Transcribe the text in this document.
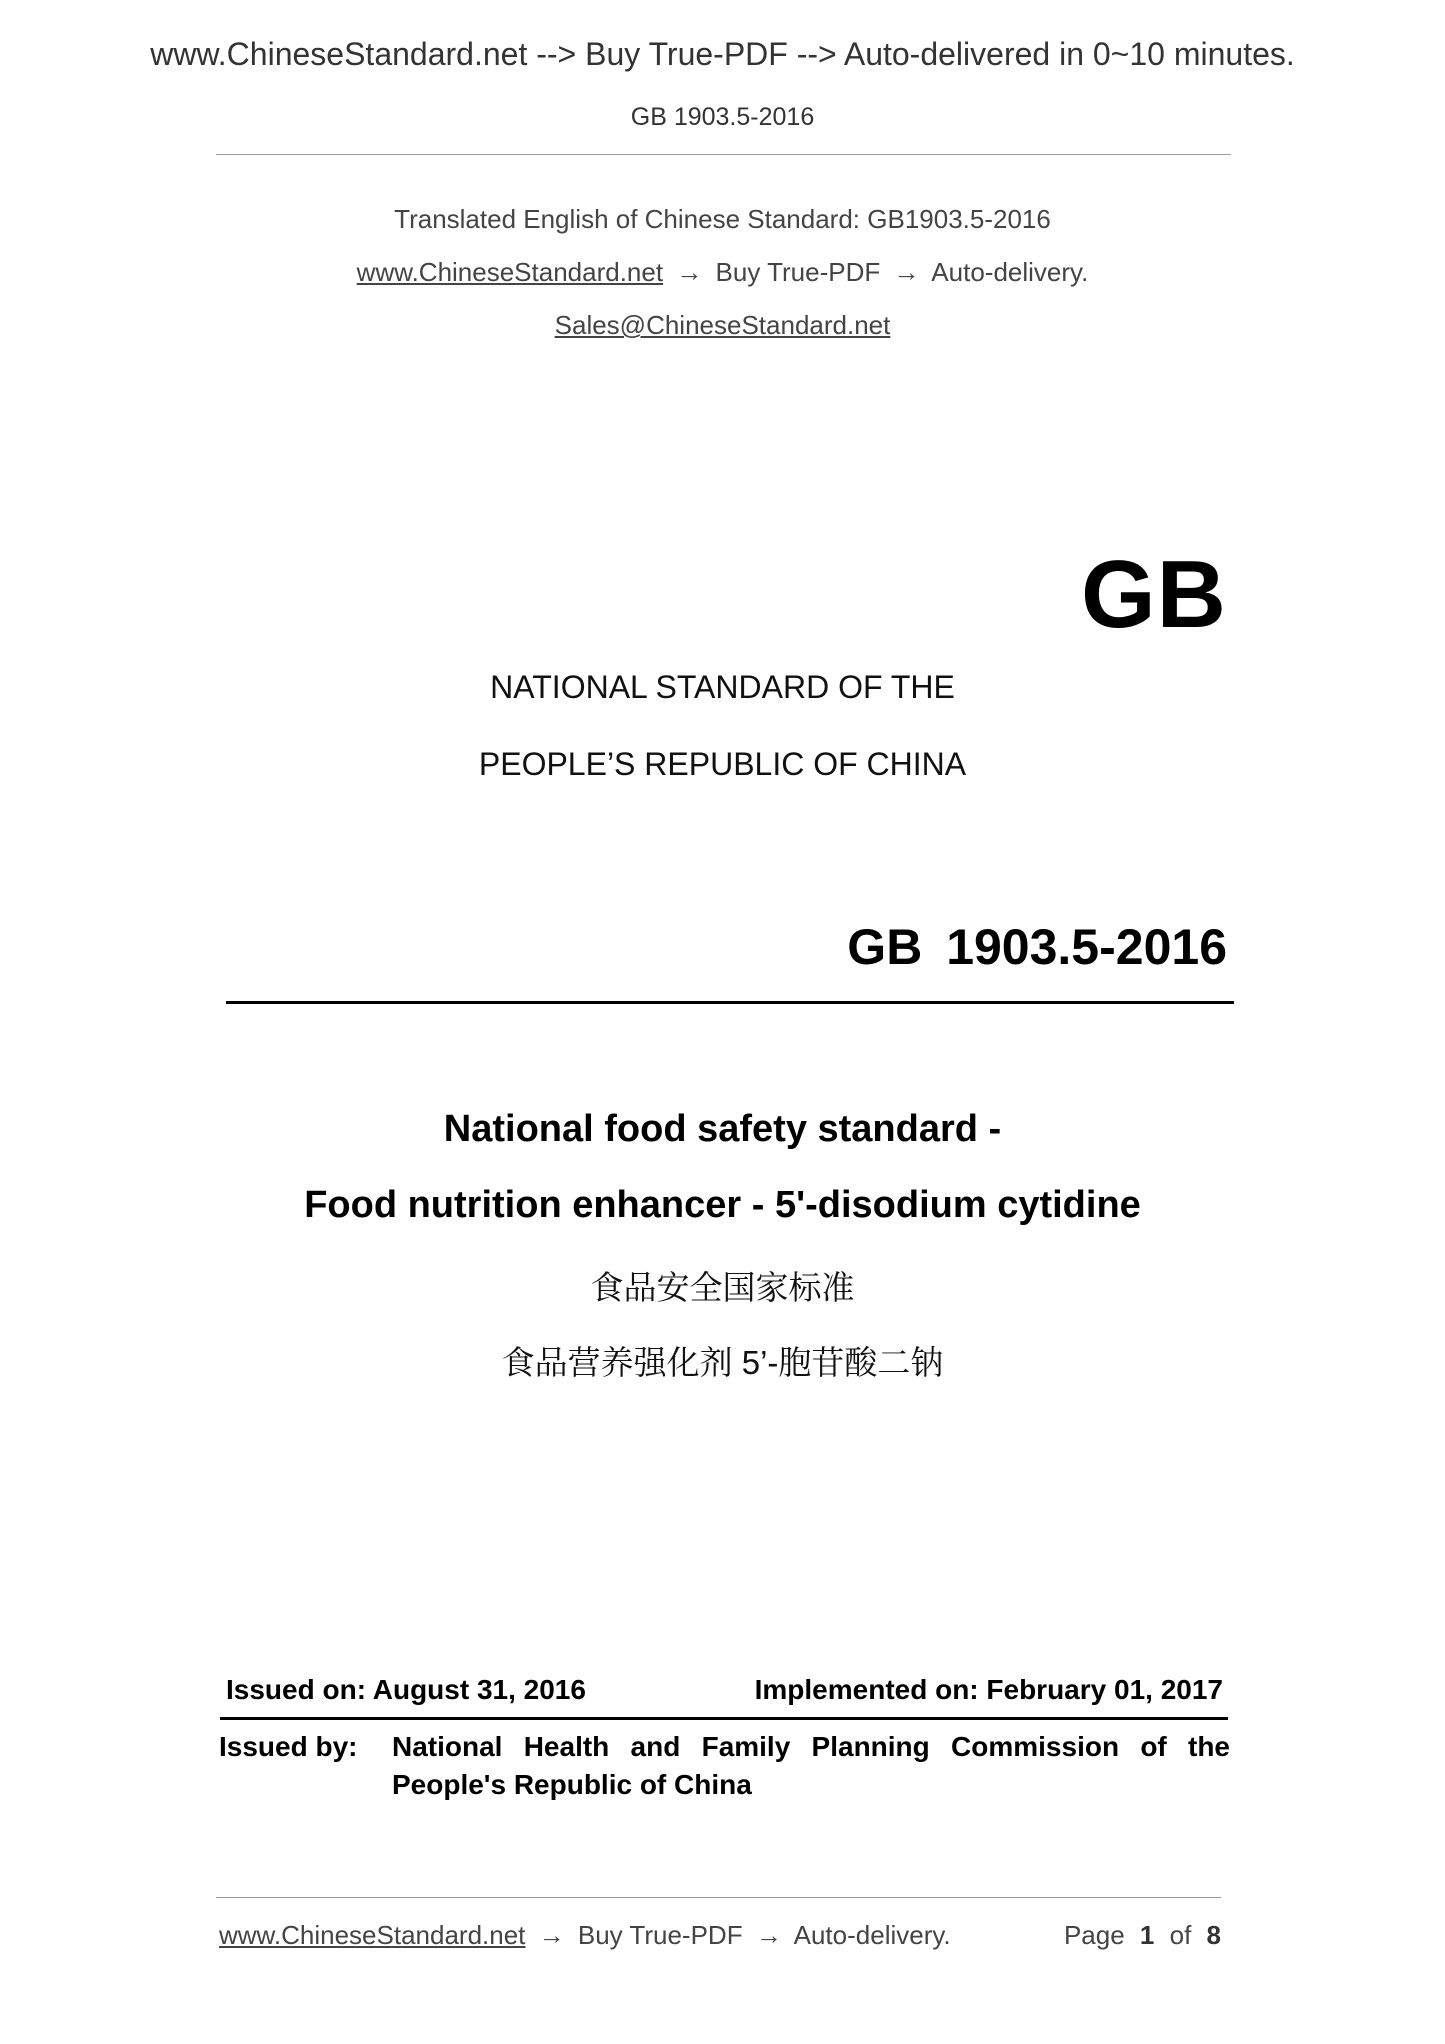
www.ChineseStandard.net --> Buy True-PDF --> Auto-delivered in 0~10 minutes.
GB 1903.5-2016
Translated English of Chinese Standard: GB1903.5-2016
www.ChineseStandard.net → Buy True-PDF → Auto-delivery.
Sales@ChineseStandard.net
GB
NATIONAL STANDARD OF THE
PEOPLE’S REPUBLIC OF CHINA
GB 1903.5-2016
National food safety standard -
Food nutrition enhancer - 5'-disodium cytidine
食品安全国家标准
食品营养强化剂 5’-胞苷酸二钠
Issued on: August 31, 2016	Implemented on: February 01, 2017
Issued by: National Health and Family Planning Commission of the
People's Republic of China
www.ChineseStandard.net → Buy True-PDF → Auto-delivery.	Page 1 of 8
